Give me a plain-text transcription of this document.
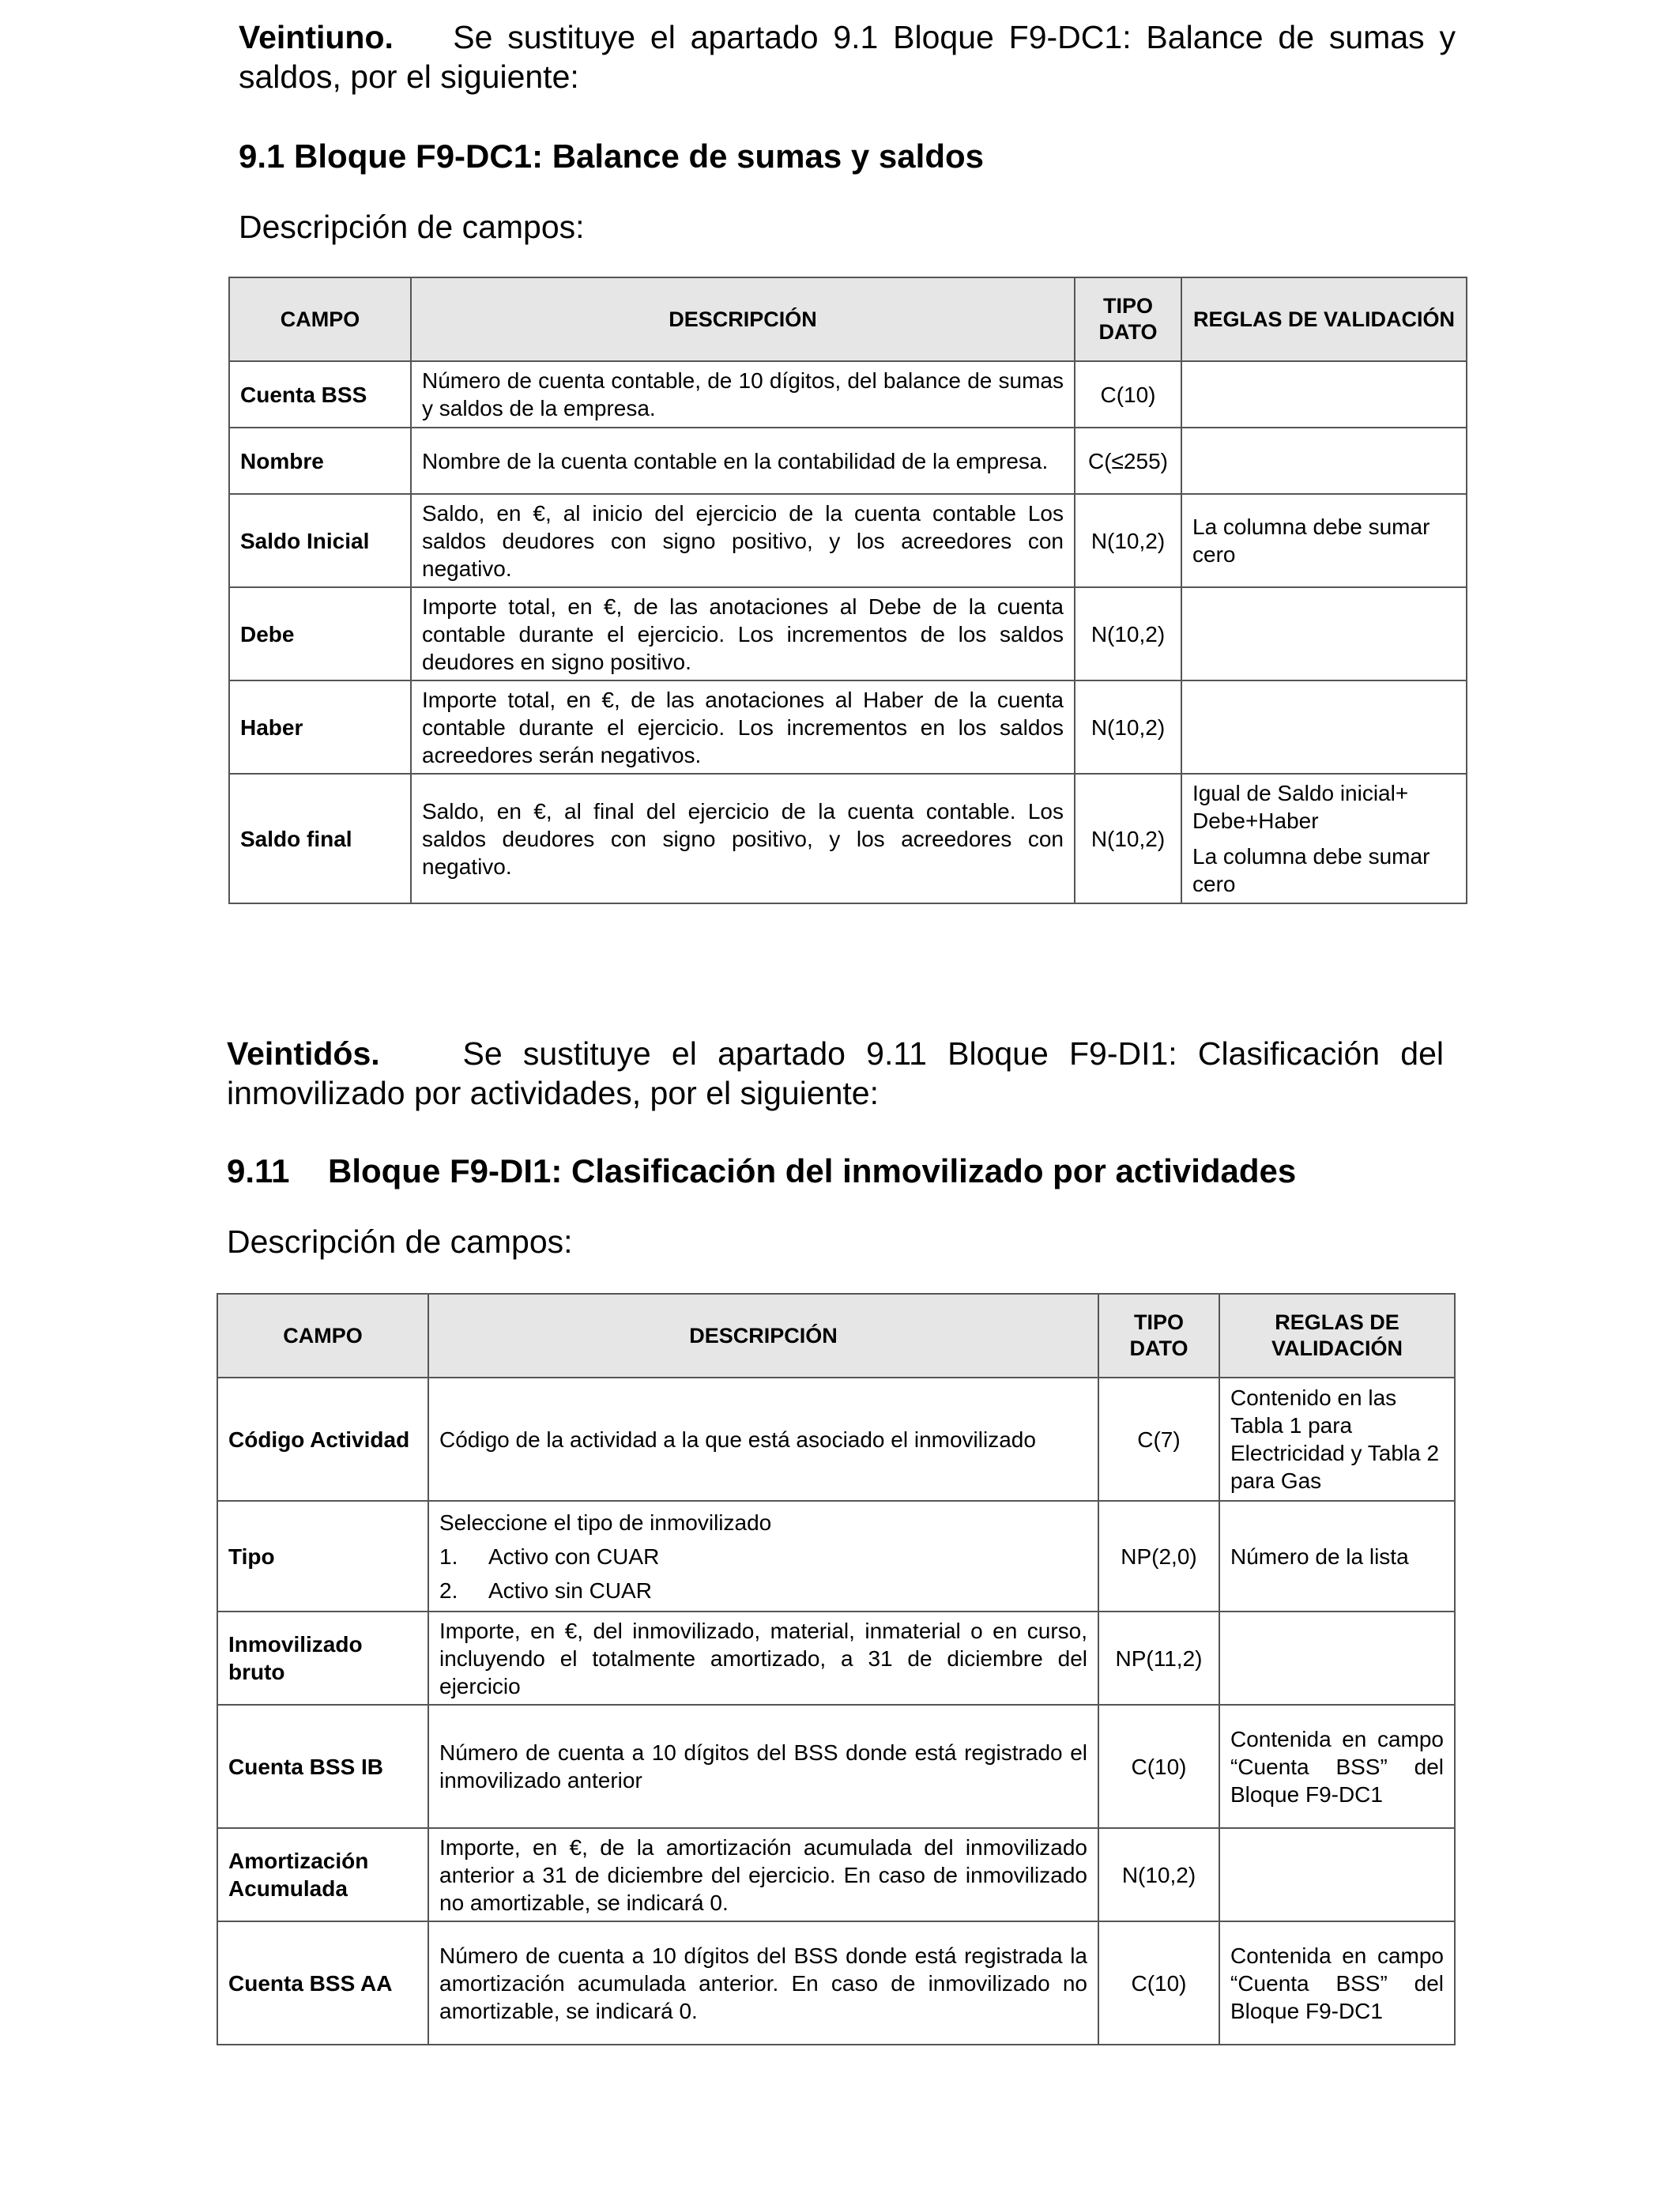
Veintiuno. Se sustituye el apartado 9.1 Bloque F9-DC1: Balance de sumas y saldos, por el siguiente:
9.1 Bloque F9-DC1: Balance de sumas y saldos
Descripción de campos:
CAMPO	DESCRIPCIÓN	TIPO DATO	REGLAS DE VALIDACIÓN
Cuenta BSS	Número de cuenta contable, de 10 dígitos, del balance de sumas y saldos de la empresa.	C(10)	
Nombre	Nombre de la cuenta contable en la contabilidad de la empresa.	C(≤255)	
Saldo Inicial	Saldo, en €, al inicio del ejercicio de la cuenta contable Los saldos deudores con signo positivo, y los acreedores con negativo.	N(10,2)	La columna debe sumar cero

Debe	Importe total, en €, de las anotaciones al Debe de la cuenta contable durante el ejercicio. Los incrementos de los saldos deudores en signo positivo.	N(10,2)	
Haber	Importe total, en €, de las anotaciones al Haber de la cuenta contable durante el ejercicio. Los incrementos en los saldos acreedores serán negativos.	N(10,2)	
Saldo final	Saldo, en €, al final del ejercicio de la cuenta contable. Los saldos deudores con signo positivo, y los acreedores con negativo.	N(10,2)	Igual de Saldo inicial+ Debe+Haber
La columna debe sumar cero
Veintidós.	Se sustituye el apartado 9.11 Bloque F9-DI1: Clasificación del inmovilizado por actividades, por el siguiente:
9.11 Bloque F9-DI1: Clasificación del inmovilizado por actividades
Descripción de campos:
CAMPO	DESCRIPCIÓN	TIPO DATO	REGLAS DE VALIDACIÓN
Código Actividad	Código de la actividad a la que está asociado el inmovilizado	C(7)	Contenido en las Tabla 1 para Electricidad y Tabla 2 para Gas
Tipo	Seleccione el tipo de inmovilizado
1. Activo con CUAR
2. Activo sin CUAR	NP(2,0)	Número de la lista
Inmovilizado bruto	Importe, en €, del inmovilizado, material, inmaterial o en curso, incluyendo el totalmente amortizado, a 31 de diciembre del ejercicio	NP(11,2)	
Cuenta BSS IB	Número de cuenta a 10 dígitos del BSS donde está registrado el inmovilizado anterior	C(10)	Contenida en campo “Cuenta BSS” del Bloque F9-DC1
Amortización Acumulada	Importe, en €, de la amortización acumulada del inmovilizado anterior a 31 de diciembre del ejercicio. En caso de inmovilizado no amortizable, se indicará 0.	N(10,2)	
Cuenta BSS AA	Número de cuenta a 10 dígitos del BSS donde está registrada la amortización acumulada anterior. En caso de inmovilizado no amortizable, se indicará 0.	C(10)	Contenida en campo “Cuenta BSS” del Bloque F9-DC1
